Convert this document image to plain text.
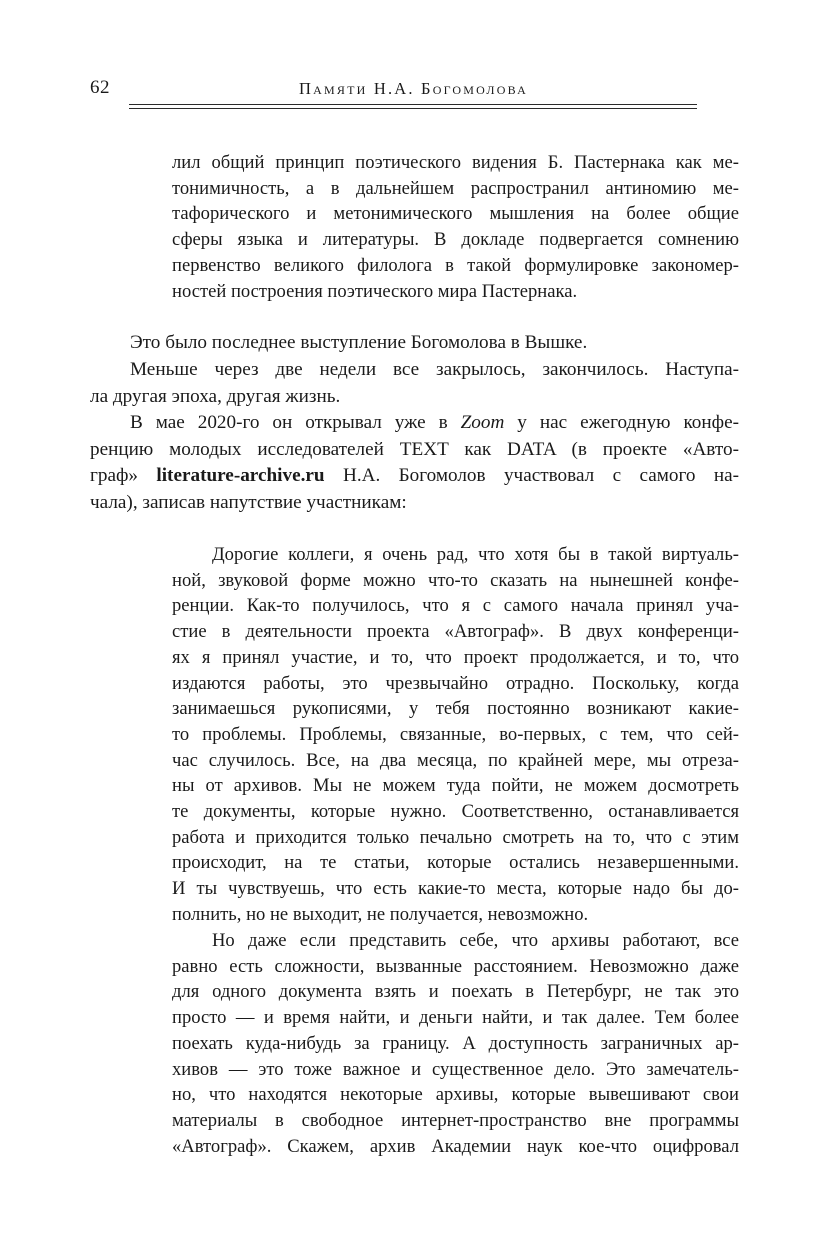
62	Памяти Н.А. Богомолова
лил общий принцип поэтического видения Б. Пастернака как ме-
тонимичность, а в дальнейшем распространил антиномию ме-
тафорического и метонимического мышления на более общие
сферы языка и литературы. В докладе подвергается сомнению
первенство великого филолога в такой формулировке закономер-
ностей построения поэтического мира Пастернака.
Это было последнее выступление Богомолова в Вышке.
Меньше через две недели все закрылось, закончилось. Наступа-
ла другая эпоха, другая жизнь.
В мае 2020-го он открывал уже в Zoom у нас ежегодную конфе-
ренцию молодых исследователей TEXT как DATA (в проекте «Авто-
граф» literature-archive.ru Н.А. Богомолов участвовал с самого на-
чала), записав напутствие участникам:
Дорогие коллеги, я очень рад, что хотя бы в такой виртуаль-
ной, звуковой форме можно что-то сказать на нынешней конфе-
ренции. Как-то получилось, что я с самого начала принял уча-
стие в деятельности проекта «Автограф». В двух конференци-
ях я принял участие, и то, что проект продолжается, и то, что
издаются работы, это чрезвычайно отрадно. Поскольку, когда
занимаешься рукописями, у тебя постоянно возникают какие-
то проблемы. Проблемы, связанные, во-первых, с тем, что сей-
час случилось. Все, на два месяца, по крайней мере, мы отреза-
ны от архивов. Мы не можем туда пойти, не можем досмотреть
те документы, которые нужно. Соответственно, останавливается
работа и приходится только печально смотреть на то, что с этим
происходит, на те статьи, которые остались незавершенными.
И ты чувствуешь, что есть какие-то места, которые надо бы до-
полнить, но не выходит, не получается, невозможно.
Но даже если представить себе, что архивы работают, все
равно есть сложности, вызванные расстоянием. Невозможно даже
для одного документа взять и поехать в Петербург, не так это
просто — и время найти, и деньги найти, и так далее. Тем более
поехать куда-нибудь за границу. А доступность заграничных ар-
хивов — это тоже важное и существенное дело. Это замечатель-
но, что находятся некоторые архивы, которые вывешивают свои
материалы в свободное интернет-пространство вне программы
«Автограф». Скажем, архив Академии наук кое-что оцифровал
